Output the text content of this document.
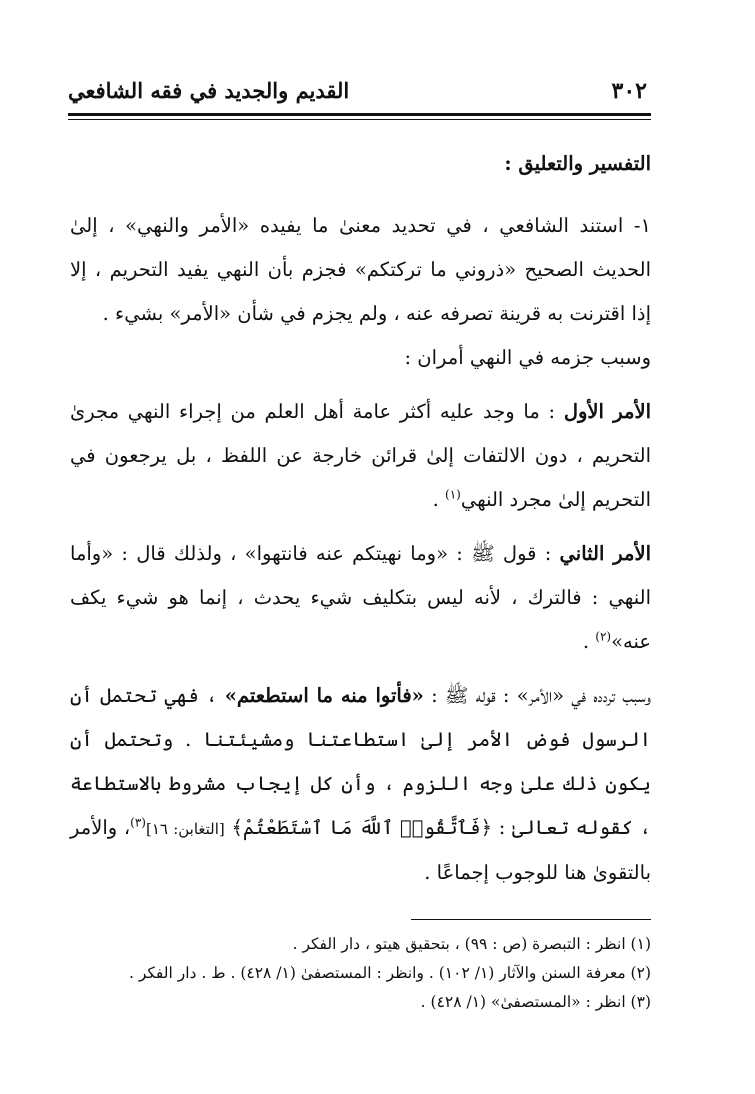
٣٠٢
القديم والجديد في فقه الشافعي

التفسير والتعليق :

١- استند الشافعي ، في تحديد معنىٰ ما يفيده «الأمر والنهي» ، إلىٰ الحديث الصحيح «ذروني ما تركتكم» فجزم بأن النهي يفيد التحريم ، إلا إذا اقترنت به قرينة تصرفه عنه ، ولم يجزم في شأن «الأمر» بشيء .

وسبب جزمه في النهي أمران :

الأمر الأول : ما وجد عليه أكثر عامة أهل العلم من إجراء النهي مجرىٰ التحريم ، دون الالتفات إلىٰ قرائن خارجة عن اللفظ ، بل يرجعون في التحريم إلىٰ مجرد النهي$^{(١)}$ .

الأمر الثاني : قول ﷺ : «وما نهيتكم عنه فانتهوا» ، ولذلك قال : «وأما النهي : فالترك ، لأنه ليس بتكليف شيء يحدث ، إنما هو شيء يكف عنه»$^{(٢)}$ .

وسبب تردده في «الأمر» : قوله ﷺ : «فأتوا منه ما استطعتم» ، فهي تحتمل أن الرسول فوض الأمر إلىٰ استطاعتنا ومشيئتنا . وتحتمل أن يكون ذلك علىٰ وجه اللزوم ، وأن كل إيجاب مشروط بالاستطاعة ، كقوله تعالىٰ : ﴿فَٱتَّقُوا۟ ٱللَّهَ مَا ٱسْتَطَعْتُمْ﴾ [التغابن: ١٦]$^{(٣)}$، والأمر بالتقوىٰ هنا للوجوب إجماعًا .

(١) انظر : التبصرة (ص : ٩٩) ، بتحقيق هيتو ، دار الفكر .

(٢) معرفة السنن والآثار (١/ ١٠٢) . وانظر : المستصفىٰ (١/ ٤٢٨) . ط . دار الفكر .

(٣) انظر : «المستصفىٰ» (١/ ٤٢٨) .
